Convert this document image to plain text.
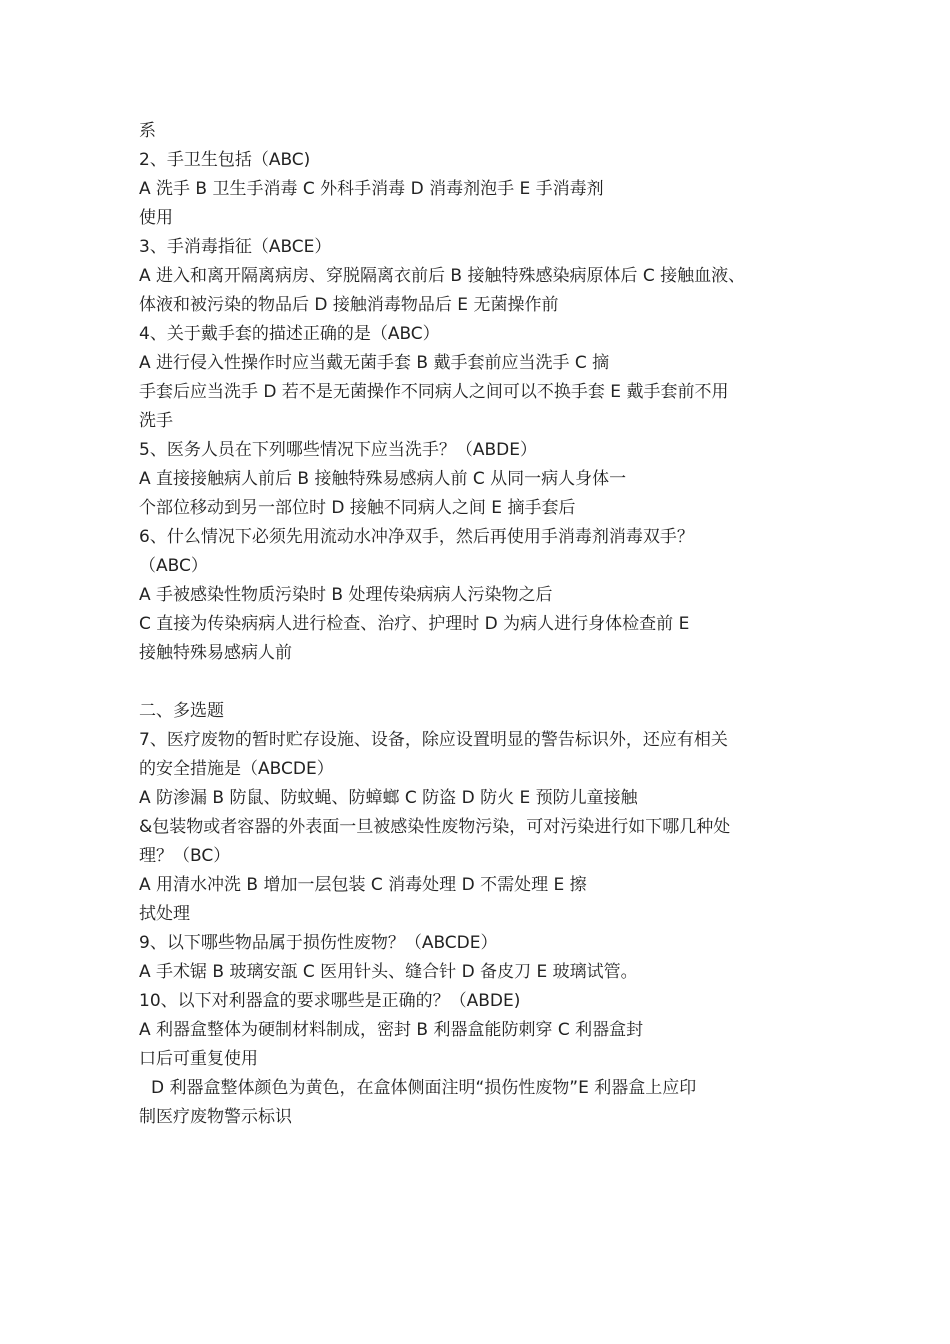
系
2、手卫生包括（ABC)
A 洗手 B 卫生手消毒 C 外科手消毒 D 消毒剂泡手 E 手消毒剂
使用
3、手消毒指征（ABCE）
A 进入和离开隔离病房、穿脱隔离衣前后 B 接触特殊感染病原体后 C 接触血液、
体液和被污染的物品后 D 接触消毒物品后 E 无菌操作前
4、关于戴手套的描述正确的是（ABC）
A 进行侵入性操作时应当戴无菌手套 B 戴手套前应当洗手 C 摘
手套后应当洗手 D 若不是无菌操作不同病人之间可以不换手套 E 戴手套前不用
洗手
5、医务人员在下列哪些情况下应当洗手？（ABDE）
A 直接接触病人前后 B 接触特殊易感病人前 C 从同一病人身体一
个部位移动到另一部位时 D 接触不同病人之间 E 摘手套后
6、什么情况下必须先用流动水冲净双手，然后再使用手消毒剂消毒双手？
（ABC）
A 手被感染性物质污染时 B 处理传染病病人污染物之后
C 直接为传染病病人进行检查、治疗、护理时 D 为病人进行身体检查前 E
接触特殊易感病人前
二、多选题
7、医疗废物的暂时贮存设施、设备，除应设置明显的警告标识外，还应有相关
的安全措施是（ABCDE）
A 防渗漏 B 防鼠、防蚊蝇、防蟑螂 C 防盗 D 防火 E 预防儿童接触
&包装物或者容器的外表面一旦被感染性废物污染，可对污染进行如下哪几种处
理？（BC）
A 用清水冲洗 B 增加一层包装 C 消毒处理 D 不需处理 E 擦
拭处理
9、以下哪些物品属于损伤性废物？（ABCDE）
A 手术锯 B 玻璃安瓿 C 医用针头、缝合针 D 备皮刀 E 玻璃试管。
10、以下对利器盒的要求哪些是正确的？（ABDE)
A 利器盒整体为硬制材料制成，密封 B 利器盒能防刺穿 C 利器盒封
口后可重复使用
D 利器盒整体颜色为黄色，在盒体侧面注明“损伤性废物”E 利器盒上应印
制医疗废物警示标识
